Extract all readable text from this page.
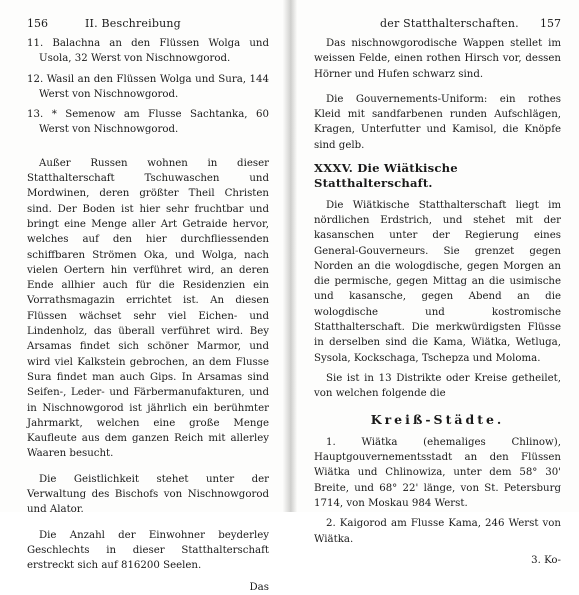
156	II. Beschreibung

11. Balachna an den Flüssen Wolga und Usola, 32 Werst von Nischnowgorod.

12. Wasil an den Flüssen Wolga und Sura, 144 Werst von Nischnowgorod.

13. * Semenow am Flusse Sachtanka, 60 Werst von Nischnowgorod.

Außer Russen wohnen in dieser Statthalterschaft Tschuwaschen und Mordwinen, deren größter Theil Christen sind. Der Boden ist hier sehr fruchtbar und bringt eine Menge aller Art Getraide hervor, welches auf den hier durchfliessenden schiffbaren Strömen Oka, und Wolga, nach vielen Oertern hin verführet wird, an deren Ende allhier auch für die Residenzien ein Vorrathsmagazin errichtet ist. An diesen Flüssen wächset sehr viel Eichen- und Lindenholz, das überall verführet wird. Bey Arsamas findet sich schöner Marmor, und wird viel Kalkstein gebrochen, an dem Flusse Sura findet man auch Gips. In Arsamas sind Seifen-, Leder- und Färbermanufakturen, und in Nischnowgorod ist jährlich ein berühmter Jahrmarkt, welchen eine große Menge Kaufleute aus dem ganzen Reich mit allerley Waaren besucht.

Die Geistlichkeit stehet unter der Verwaltung des Bischofs von Nischnowgorod und Alator.

Die Anzahl der Einwohner beyderley Geschlechts in dieser Statthalterschaft erstreckt sich auf 816200 Seelen.

Das

der Statthalterschaften. 157

Das nischnowgorodische Wappen stellet im weissen Felde, einen rothen Hirsch vor, dessen Hörner und Hufen schwarz sind.

Die Gouvernements-Uniform: ein rothes Kleid mit sandfarbenen runden Aufschlägen, Kragen, Unterfutter und Kamisol, die Knöpfe sind gelb.

XXXV. Die Wiätkische Statthalterschaft.

Die Wiätkische Statthalterschaft liegt im nördlichen Erdstrich, und stehet mit der kasanschen unter der Regierung eines General-Gouverneurs. Sie grenzet gegen Norden an die wologdische, gegen Morgen an die permische, gegen Mittag an die usimische und kasansche, gegen Abend an die wologdische und kostromische Statthalterschaft. Die merkwürdigsten Flüsse in derselben sind die Kama, Wiätka, Wetluga, Sysola, Kockschaga, Tschepza und Moloma.

Sie ist in 13 Distrikte oder Kreise getheilet, von welchen folgende die

Kreiß-Städte.

1. Wiätka (ehemaliges Chlinow), Hauptgouvernementsstadt an den Flüssen Wiätka und Chlinowiza, unter dem 58° 30' Breite, und 68° 22' länge, von St. Petersburg 1714, von Moskau 984 Werst.

2. Kaigorod am Flusse Kama, 246 Werst von Wiätka.

3. Ko-
